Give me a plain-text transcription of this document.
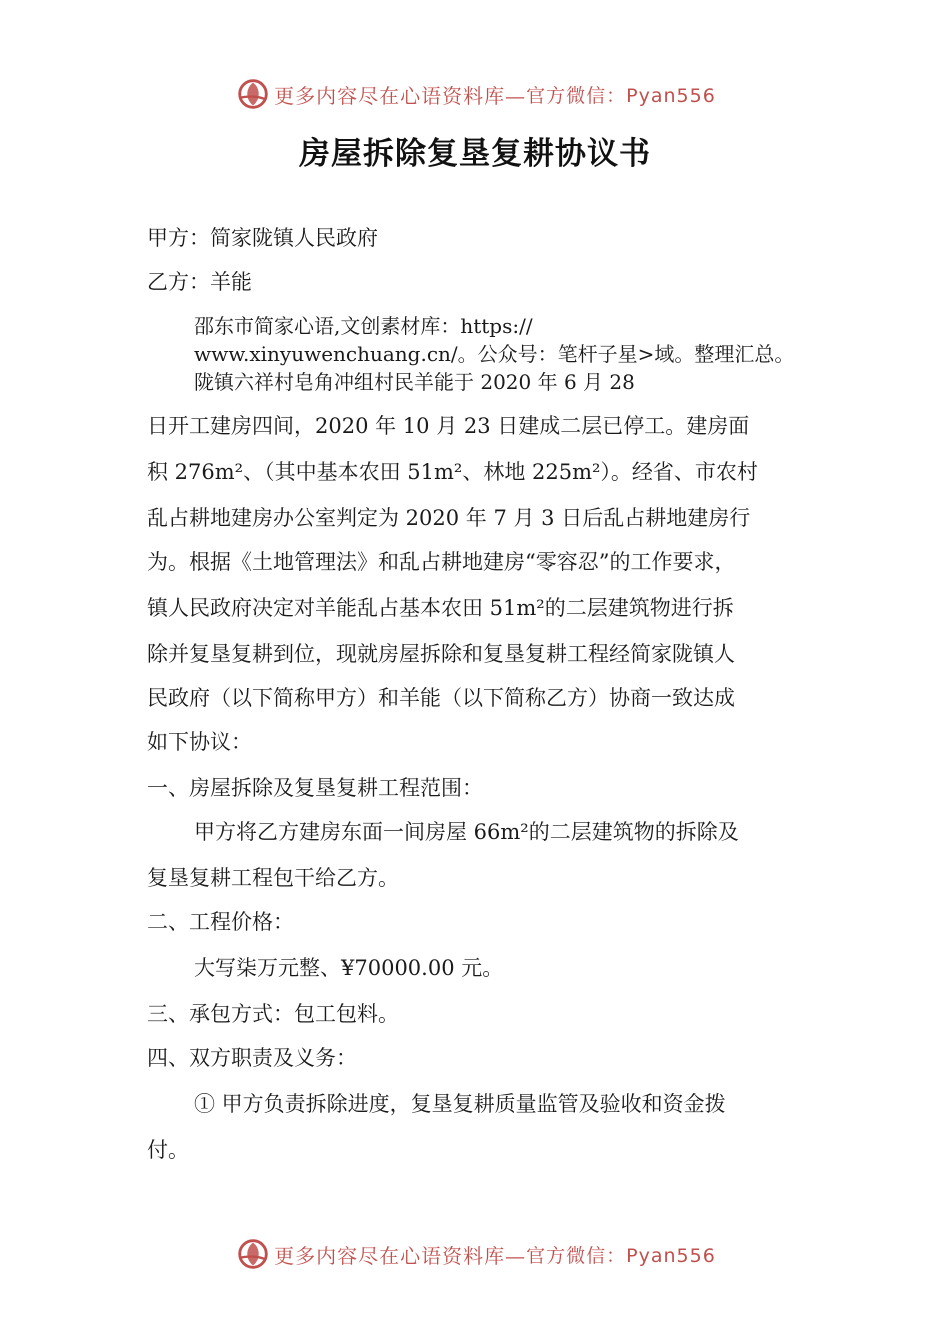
更多内容尽在心语资料库— 官方微信：Pyan556
房屋拆除复垦复耕协议书
甲方：简家陇镇人民政府
乙方：羊能
邵东市简家心语,文创素材库：https://
www.xinyuwenchuang.cn/。公众号：笔杆子星>域。整理汇总。
陇镇六祥村皂角冲组村民羊能于 2020 年 6 月 28
日开工建房四间，2020 年 10 月 23 日建成二层已停工。建房面
积 276m²、（其中基本农田 51m²、林地 225m²）。经省、市农村
乱占耕地建房办公室判定为 2020 年 7 月 3 日后乱占耕地建房行
为。根据《土地管理法》和乱占耕地建房“零容忍”的工作要求，
镇人民政府决定对羊能乱占基本农田 51m²的二层建筑物进行拆
除并复垦复耕到位，现就房屋拆除和复垦复耕工程经简家陇镇人
民政府（以下简称甲方）和羊能（以下简称乙方）协商一致达成
如下协议：
一、房屋拆除及复垦复耕工程范围：
甲方将乙方建房东面一间房屋 66m²的二层建筑物的拆除及
复垦复耕工程包干给乙方。
二、工程价格：
大写柒万元整、¥70000.00 元。
三、承包方式：包工包料。
四、双方职责及义务：
① 甲方负责拆除进度，复垦复耕质量监管及验收和资金拨
付。
更多内容尽在心语资料库— 官方微信：Pyan556
